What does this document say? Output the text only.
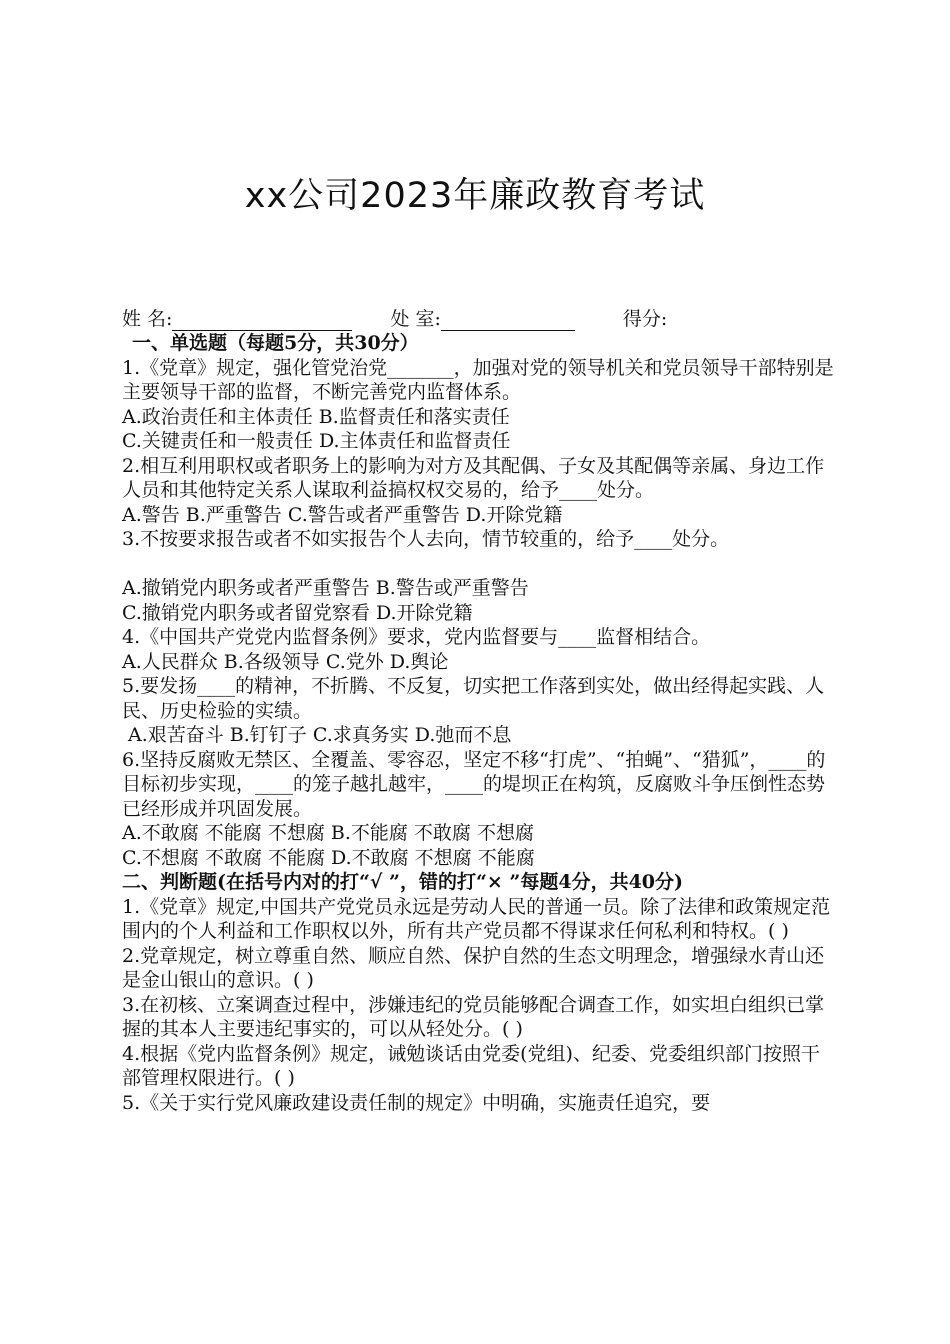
xx公司2023年廉政教育考试
姓 名:	处 室:	得分:

一、单选题（每题5分，共30分）

1.《党章》规定，强化管党治党_______，加强对党的领导机关和党员领导干部特别是主要领导干部的监督，不断完善党内监督体系。

A.政治责任和主体责任 B.监督责任和落实责任

C.关键责任和一般责任 D.主体责任和监督责任

2.相互利用职权或者职务上的影响为对方及其配偶、子女及其配偶等亲属、身边工作人员和其他特定关系人谋取利益搞权权交易的，给予____处分。

A.警告 B.严重警告 C.警告或者严重警告 D.开除党籍

3.不按要求报告或者不如实报告个人去向，情节较重的，给予____处分。

A.撤销党内职务或者严重警告 B.警告或严重警告

C.撤销党内职务或者留党察看 D.开除党籍

4.《中国共产党党内监督条例》要求，党内监督要与____监督相结合。

A.人民群众 B.各级领导 C.党外 D.舆论

5.要发扬____的精神，不折腾、不反复，切实把工作落到实处，做出经得起实践、人民、历史检验的实绩。

A.艰苦奋斗 B.钉钉子 C.求真务实 D.弛而不息

6.坚持反腐败无禁区、全覆盖、零容忍，坚定不移“打虎”、“拍蝇”、“猎狐”，____的目标初步实现，____的笼子越扎越牢，____的堤坝正在构筑，反腐败斗争压倒性态势已经形成并巩固发展。

A.不敢腐 不能腐 不想腐 B.不能腐 不敢腐 不想腐

C.不想腐 不敢腐 不能腐 D.不敢腐 不想腐 不能腐

二、判断题(在括号内对的打“√ ”，错的打“× ”每题4分，共40分)

1.《党章》规定,中国共产党党员永远是劳动人民的普通一员。除了法律和政策规定范围内的个人利益和工作职权以外，所有共产党员都不得谋求任何私利和特权。( )

2.党章规定，树立尊重自然、顺应自然、保护自然的生态文明理念，增强绿水青山还是金山银山的意识。( )

3.在初核、立案调查过程中，涉嫌违纪的党员能够配合调查工作，如实坦白组织已掌握的其本人主要违纪事实的，可以从轻处分。( )

4.根据《党内监督条例》规定，诫勉谈话由党委(党组)、纪委、党委组织部门按照干部管理权限进行。( )

5.《关于实行党风廉政建设责任制的规定》中明确，实施责任追究，要
